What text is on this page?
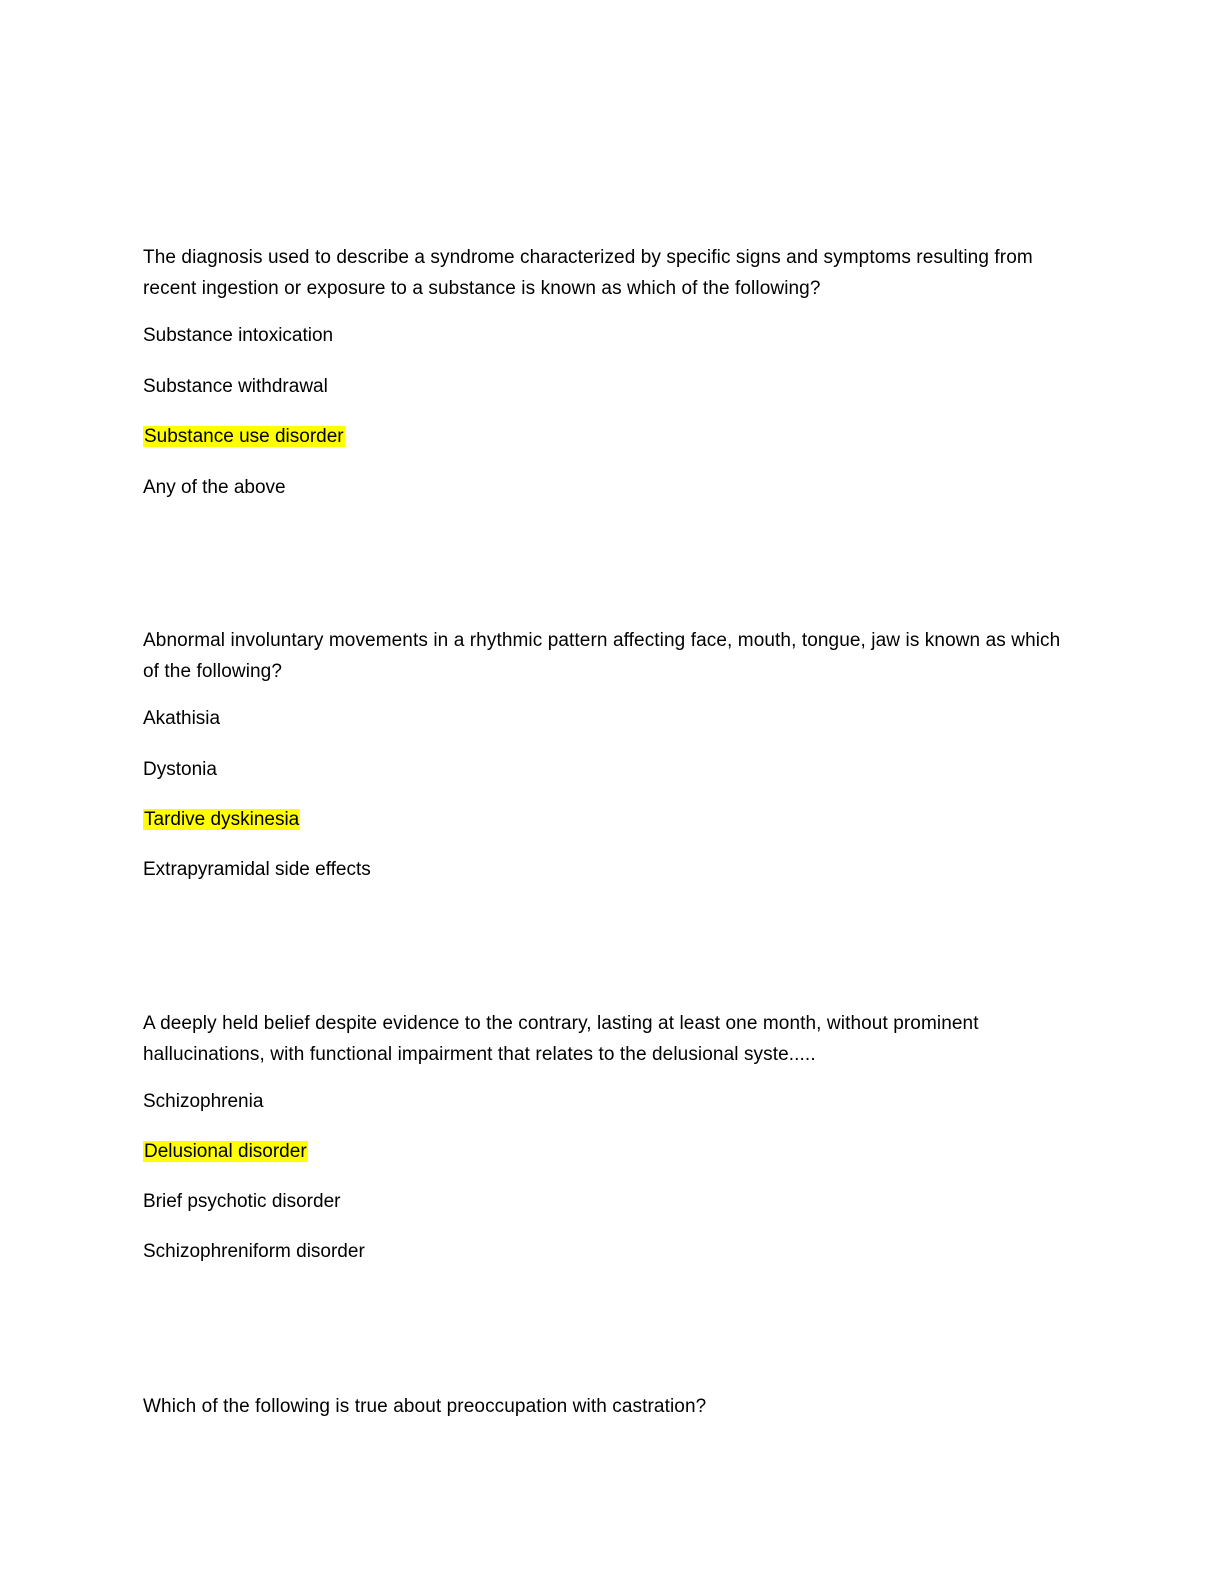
The diagnosis used to describe a syndrome characterized by specific signs and symptoms resulting from recent ingestion or exposure to a substance is known as which of the following?

Substance intoxication

Substance withdrawal

Substance use disorder

Any of the above

Abnormal involuntary movements in a rhythmic pattern affecting face, mouth, tongue, jaw is known as which of the following?

Akathisia

Dystonia

Tardive dyskinesia

Extrapyramidal side effects

A deeply held belief despite evidence to the contrary, lasting at least one month, without prominent hallucinations, with functional impairment that relates to the delusional syste.....

Schizophrenia

Delusional disorder

Brief psychotic disorder

Schizophreniform disorder

Which of the following is true about preoccupation with castration?
